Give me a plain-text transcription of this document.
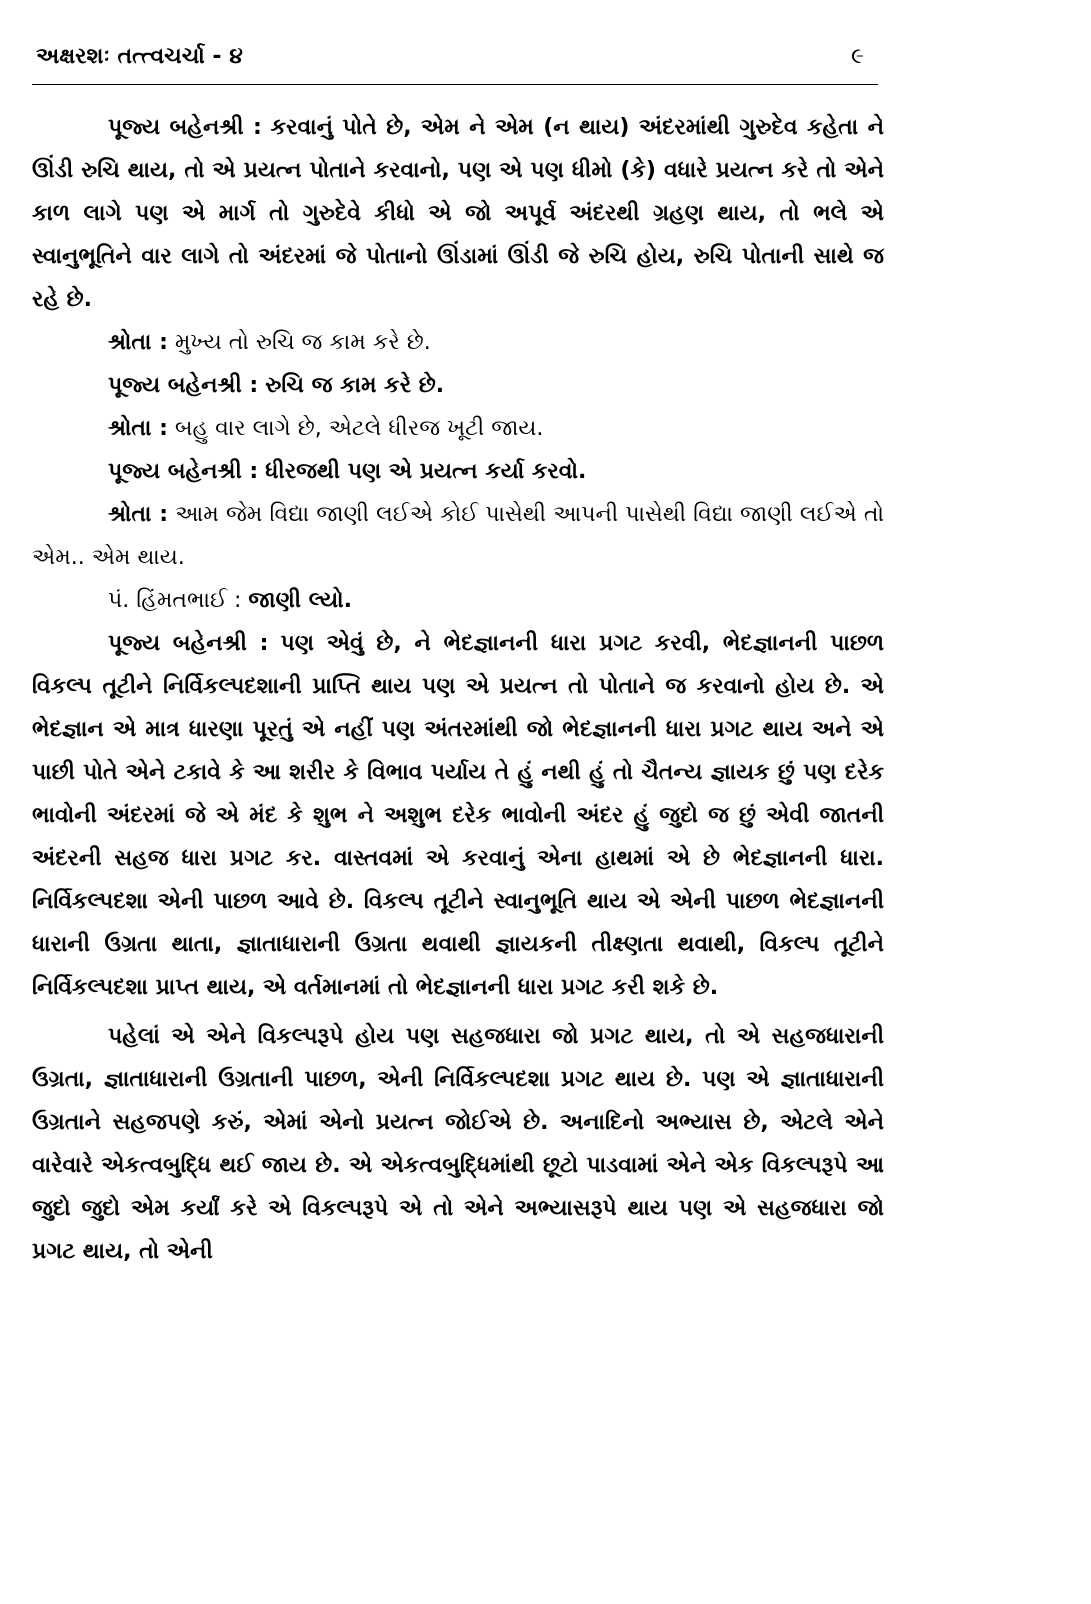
અક્ષરશઃ તત્ત્વચર્ચા - ૪	૯

પૂજ્ય બહેનશ્રી : કરવાનું પોતે છે, એમ ને એમ (ન થાય) અંદરમાંથી ગુરુદેવ કહેતા ને ઊંડી રુચિ થાય, તો એ પ્રયત્ન પોતાને કરવાનો, પણ એ પણ ધીમો (કે) વધારે પ્રયત્ન કરે તો એને કાળ લાગે પણ એ માર્ગ તો ગુરુદેવે કીધો એ જો અપૂર્વ અંદરથી ગ્રહણ થાય, તો ભલે એ સ્વાનુભૂતિને વાર લાગે તો અંદરમાં જે પોતાનો ઊંડામાં ઊંડી જે રુચિ હોય, રુચિ પોતાની સાથે જ રહે છે.

શ્રોતા : મુખ્ય તો રુચિ જ કામ કરે છે.

પૂજ્ય બહેનશ્રી : રુચિ જ કામ કરે છે.

શ્રોતા : બહુ વાર લાગે છે, એટલે ધીરજ ખૂટી જાય.

પૂજ્ય બહેનશ્રી : ધીરજથી પણ એ પ્રયત્ન કર્યા કરવો.

શ્રોતા : આમ જેમ વિદ્યા જાણી લઈએ કોઈ પાસેથી આપની પાસેથી વિદ્યા જાણી લઈએ તો એમ.. એમ થાય.

પં. હિંમતભાઈ : જાણી લ્યો.

પૂજ્ય બહેનશ્રી : પણ એવું છે, ને ભેદજ્ઞાનની ધારા પ્રગટ કરવી, ભેદજ્ઞાનની પાછળ વિકલ્પ તૂટીને નિર્વિકલ્પદશાની પ્રાપ્તિ થાય પણ એ પ્રયત્ન તો પોતાને જ કરવાનો હોય છે. એ ભેદજ્ઞાન એ માત્ર ધારણા પૂરતું એ નહીં પણ અંતરમાંથી જો ભેદજ્ઞાનની ધારા પ્રગટ થાય અને એ પાછી પોતે એને ટકાવે કે આ શરીર કે વિભાવ પર્યાય તે હું નથી હું તો ચૈતન્ય જ્ઞાયક છું પણ દરેક ભાવોની અંદરમાં જે એ મંદ કે શુભ ને અશુભ દરેક ભાવોની અંદર હું જુદો જ છું એવી જાતની અંદરની સહજ ધારા પ્રગટ કર. વાસ્તવમાં એ કરવાનું એના હાથમાં એ છે ભેદજ્ઞાનની ધારા. નિર્વિકલ્પદશા એની પાછળ આવે છે. વિકલ્પ તૂટીને સ્વાનુભૂતિ થાય એ એની પાછળ ભેદજ્ઞાનની ધારાની ઉગ્રતા થાતા, જ્ઞાતાધારાની ઉગ્રતા થવાથી જ્ઞાયકની તીક્ષ્ણતા થવાથી, વિકલ્પ તૂટીને નિર્વિકલ્પદશા પ્રાપ્ત થાય, એ વર્તમાનમાં તો ભેદજ્ઞાનની ધારા પ્રગટ કરી શકે છે.

પહેલાં એ એને વિકલ્પરૂપે હોય પણ સહજધારા જો પ્રગટ થાય, તો એ સહજધારાની ઉગ્રતા, જ્ઞાતાધારાની ઉગ્રતાની પાછળ, એની નિર્વિકલ્પદશા પ્રગટ થાય છે. પણ એ જ્ઞાતાધારાની ઉગ્રતાને સહજપણે કરું, એમાં એનો પ્રયત્ન જોઈએ છે. અનાદિનો અભ્યાસ છે, એટલે એને વારેવારે એકત્વબુદ્ધિ થઈ જાય છે. એ એકત્વબુદ્ધિમાંથી છૂટો પાડવામાં એને એક વિકલ્પરૂપે આ જુદો જુદો એમ કર્યાં કરે એ વિકલ્પરૂપે એ તો એને અભ્યાસરૂપે થાય પણ એ સહજધારા જો પ્રગટ થાય, તો એની
